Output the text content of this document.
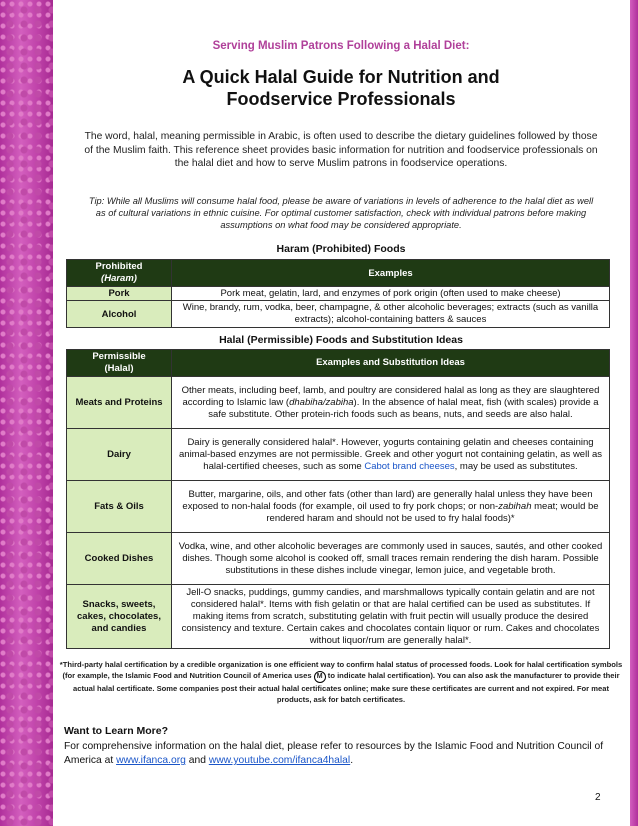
Serving Muslim Patrons Following a Halal Diet:
A Quick Halal Guide for Nutrition and
Foodservice Professionals
The word, halal, meaning permissible in Arabic, is often used to describe the dietary guidelines followed by those of the Muslim faith. This reference sheet provides basic information for nutrition and foodservice professionals on the halal diet and how to serve Muslim patrons in foodservice operations.
Tip: While all Muslims will consume halal food, please be aware of variations in levels of adherence to the halal diet as well as of cultural variations in ethnic cuisine. For optimal customer satisfaction, check with individual patrons before making assumptions on what food may be considered appropriate.
Haram (Prohibited) Foods
Prohibited
(Haram)	Examples
Pork	Pork meat, gelatin, lard, and enzymes of pork origin (often used to make cheese)
Alcohol	Wine, brandy, rum, vodka, beer, champagne, & other alcoholic beverages; extracts (such as vanilla extracts); alcohol-containing batters & sauces
Halal (Permissible) Foods and Substitution Ideas
Permissible
(Halal)	Examples and Substitution Ideas
Meats and Proteins	Other meats, including beef, lamb, and poultry are considered halal as long as they are slaughtered according to Islamic law (dhabiha/zabiha). In the absence of halal meat, fish (with scales) provide a safe substitute. Other protein-rich foods such as beans, nuts, and seeds are also halal.
Dairy	Dairy is generally considered halal*. However, yogurts containing gelatin and cheeses containing animal-based enzymes are not permissible. Greek and other yogurt not containing gelatin, as well as halal-certified cheeses, such as some Cabot brand cheeses, may be used as substitutes.
Fats & Oils	Butter, margarine, oils, and other fats (other than lard) are generally halal unless they have been exposed to non-halal foods (for example, oil used to fry pork chops; or non-zabihah meat; would be rendered haram and should not be used to fry halal foods)*
Cooked Dishes	Vodka, wine, and other alcoholic beverages are commonly used in sauces, sautés, and other cooked dishes. Though some alcohol is cooked off, small traces remain rendering the dish haram. Possible substitutions in these dishes include vinegar, lemon juice, and vegetable broth.
Snacks, sweets, cakes, chocolates, and candies	Jell-O snacks, puddings, gummy candies, and marshmallows typically contain gelatin and are not considered halal*. Items with fish gelatin or that are halal certified can be used as substitutes. If making items from scratch, substituting gelatin with fruit pectin will usually produce the desired consistency and texture. Certain cakes and chocolates contain liquor or rum. Cakes and chocolates without liquor/rum are generally halal*.
*Third-party halal certification by a credible organization is one efficient way to confirm halal status of processed foods. Look for halal certification symbols (for example, the Islamic Food and Nutrition Council of America uses M to indicate halal certification). You can also ask the manufacturer to provide their actual halal certificate. Some companies post their actual halal certificates online; make sure these certificates are current and not expired. For meat products, ask for batch certificates.
Want to Learn More?
For comprehensive information on the halal diet, please refer to resources by the Islamic Food and Nutrition Council of America at www.ifanca.org and www.youtube.com/ifanca4halal.
2
